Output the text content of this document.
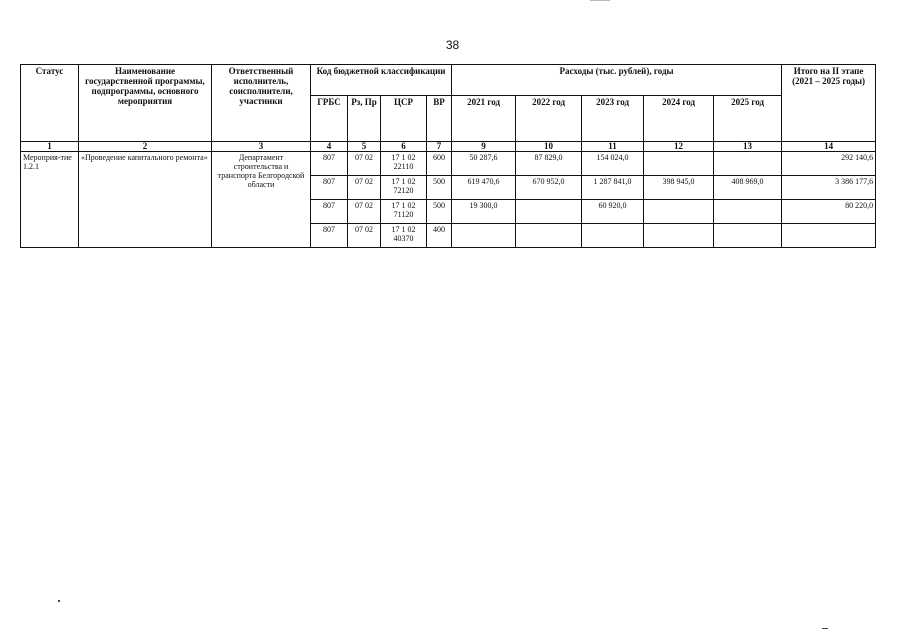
38
Статус	Наименование государственной программы, подпрограммы, основного мероприятия	Ответственный исполнитель, соисполнители, участники	Код бюджетной классификации				Расходы (тыс. рублей), годы					Итого на II этапе (2021 – 2025 годы)
			ГРБС	Рз, Пр	ЦСР	ВР	2021 год	2022 год	2023 год	2024 год	2025 год	
1	2	3	4	5	6	7	9	10	11	12	13	14
Мероприя-тие 1.2.1	«Проведение капитального ремонта»	Департамент строительства и транспорта Белгородской области	807	07 02	17 1 02 22110	600	50 287,6	87 829,0	154 024,0			292 140,6
			807	07 02	17 1 02 72120	500	619 470,6	670 952,0	1 287 841,0	398 945,0	408 969,0	3 386 177,6
			807	07 02	17 1 02 71120	500	19 300,0		60 920,0			80 220,0
			807	07 02	17 1 02 40370	400						
